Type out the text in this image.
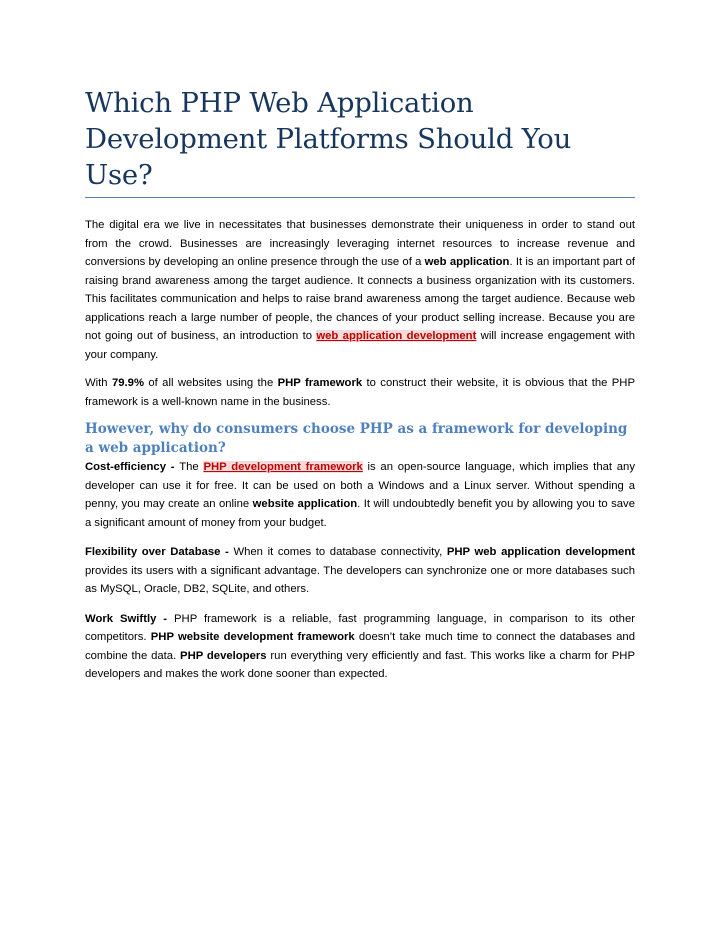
Which PHP Web Application Development Platforms Should You Use?

The digital era we live in necessitates that businesses demonstrate their uniqueness in order to stand out from the crowd. Businesses are increasingly leveraging internet resources to increase revenue and conversions by developing an online presence through the use of a web application. It is an important part of raising brand awareness among the target audience. It connects a business organization with its customers. This facilitates communication and helps to raise brand awareness among the target audience. Because web applications reach a large number of people, the chances of your product selling increase. Because you are not going out of business, an introduction to web application development will increase engagement with your company.

With 79.9% of all websites using the PHP framework to construct their website, it is obvious that the PHP framework is a well-known name in the business.

However, why do consumers choose PHP as a framework for developing a web application?

Cost-efficiency - The PHP development framework is an open-source language, which implies that any developer can use it for free. It can be used on both a Windows and a Linux server. Without spending a penny, you may create an online website application. It will undoubtedly benefit you by allowing you to save a significant amount of money from your budget.

Flexibility over Database - When it comes to database connectivity, PHP web application development provides its users with a significant advantage. The developers can synchronize one or more databases such as MySQL, Oracle, DB2, SQLite, and others.

Work Swiftly - PHP framework is a reliable, fast programming language, in comparison to its other competitors. PHP website development framework doesn’t take much time to connect the databases and combine the data. PHP developers run everything very efficiently and fast. This works like a charm for PHP developers and makes the work done sooner than expected.
